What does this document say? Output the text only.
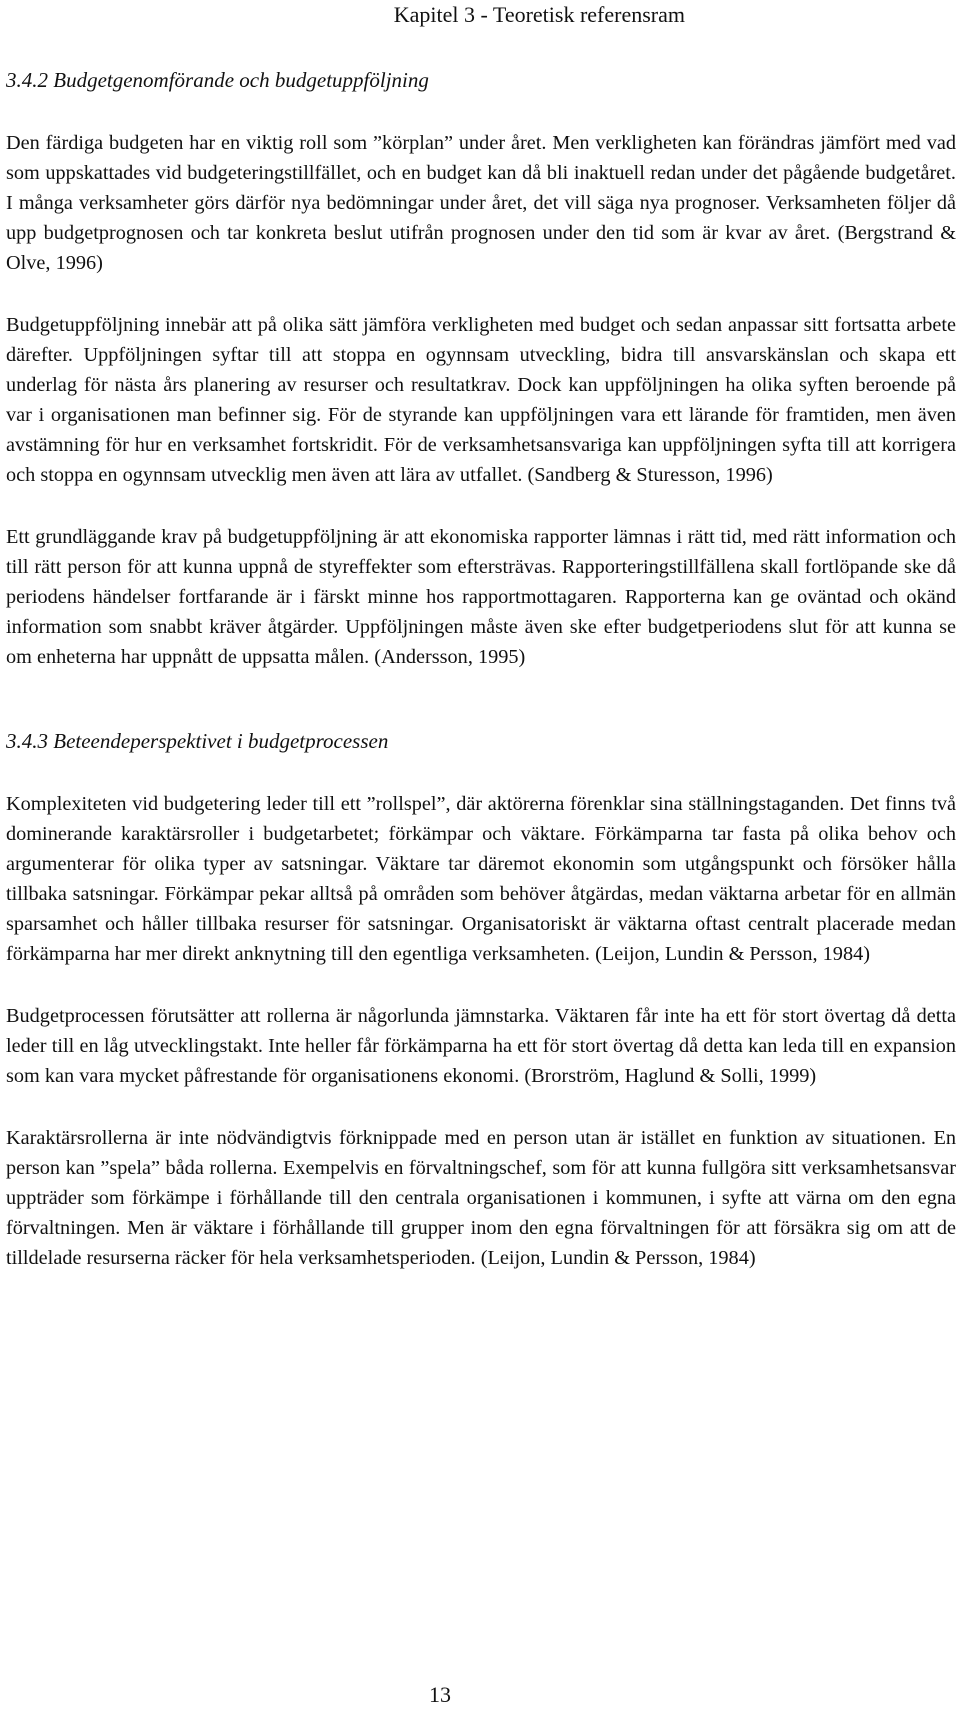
Kapitel 3 - Teoretisk referensram

3.4.2 Budgetgenomförande och budgetuppföljning

Den färdiga budgeten har en viktig roll som ”körplan” under året. Men verkligheten kan förändras jämfört med vad som uppskattades vid budgeteringstillfället, och en budget kan då bli inaktuell redan under det pågående budgetåret. I många verksamheter görs därför nya bedömningar under året, det vill säga nya prognoser. Verksamheten följer då upp budgetprognosen och tar konkreta beslut utifrån prognosen under den tid som är kvar av året. (Bergstrand & Olve, 1996)

Budgetuppföljning innebär att på olika sätt jämföra verkligheten med budget och sedan anpassar sitt fortsatta arbete därefter. Uppföljningen syftar till att stoppa en ogynnsam utveckling, bidra till ansvarskänslan och skapa ett underlag för nästa års planering av resurser och resultatkrav. Dock kan uppföljningen ha olika syften beroende på var i organisationen man befinner sig. För de styrande kan uppföljningen vara ett lärande för framtiden, men även avstämning för hur en verksamhet fortskridit. För de verksamhetsansvariga kan uppföljningen syfta till att korrigera och stoppa en ogynnsam utvecklig men även att lära av utfallet. (Sandberg & Sturesson, 1996)

Ett grundläggande krav på budgetuppföljning är att ekonomiska rapporter lämnas i rätt tid, med rätt information och till rätt person för att kunna uppnå de styreffekter som eftersträvas. Rapporteringstillfällena skall fortlöpande ske då periodens händelser fortfarande är i färskt minne hos rapportmottagaren. Rapporterna kan ge oväntad och okänd information som snabbt kräver åtgärder. Uppföljningen måste även ske efter budgetperiodens slut för att kunna se om enheterna har uppnått de uppsatta målen. (Andersson, 1995)

3.4.3 Beteendeperspektivet i budgetprocessen

Komplexiteten vid budgetering leder till ett ”rollspel”, där aktörerna förenklar sina ställningstaganden. Det finns två dominerande karaktärsroller i budgetarbetet; förkämpar och väktare. Förkämparna tar fasta på olika behov och argumenterar för olika typer av satsningar. Väktare tar däremot ekonomin som utgångspunkt och försöker hålla tillbaka satsningar. Förkämpar pekar alltså på områden som behöver åtgärdas, medan väktarna arbetar för en allmän sparsamhet och håller tillbaka resurser för satsningar. Organisatoriskt är väktarna oftast centralt placerade medan förkämparna har mer direkt anknytning till den egentliga verksamheten. (Leijon, Lundin & Persson, 1984)

Budgetprocessen förutsätter att rollerna är någorlunda jämnstarka. Väktaren får inte ha ett för stort övertag då detta leder till en låg utvecklingstakt. Inte heller får förkämparna ha ett för stort övertag då detta kan leda till en expansion som kan vara mycket påfrestande för organisationens ekonomi. (Brorström, Haglund & Solli, 1999)

Karaktärsrollerna är inte nödvändigtvis förknippade med en person utan är istället en funktion av situationen. En person kan ”spela” båda rollerna. Exempelvis en förvaltningschef, som för att kunna fullgöra sitt verksamhetsansvar uppträder som förkämpe i förhållande till den centrala organisationen i kommunen, i syfte att värna om den egna förvaltningen. Men är väktare i förhållande till grupper inom den egna förvaltningen för att försäkra sig om att de tilldelade resurserna räcker för hela verksamhetsperioden. (Leijon, Lundin & Persson, 1984)

13
